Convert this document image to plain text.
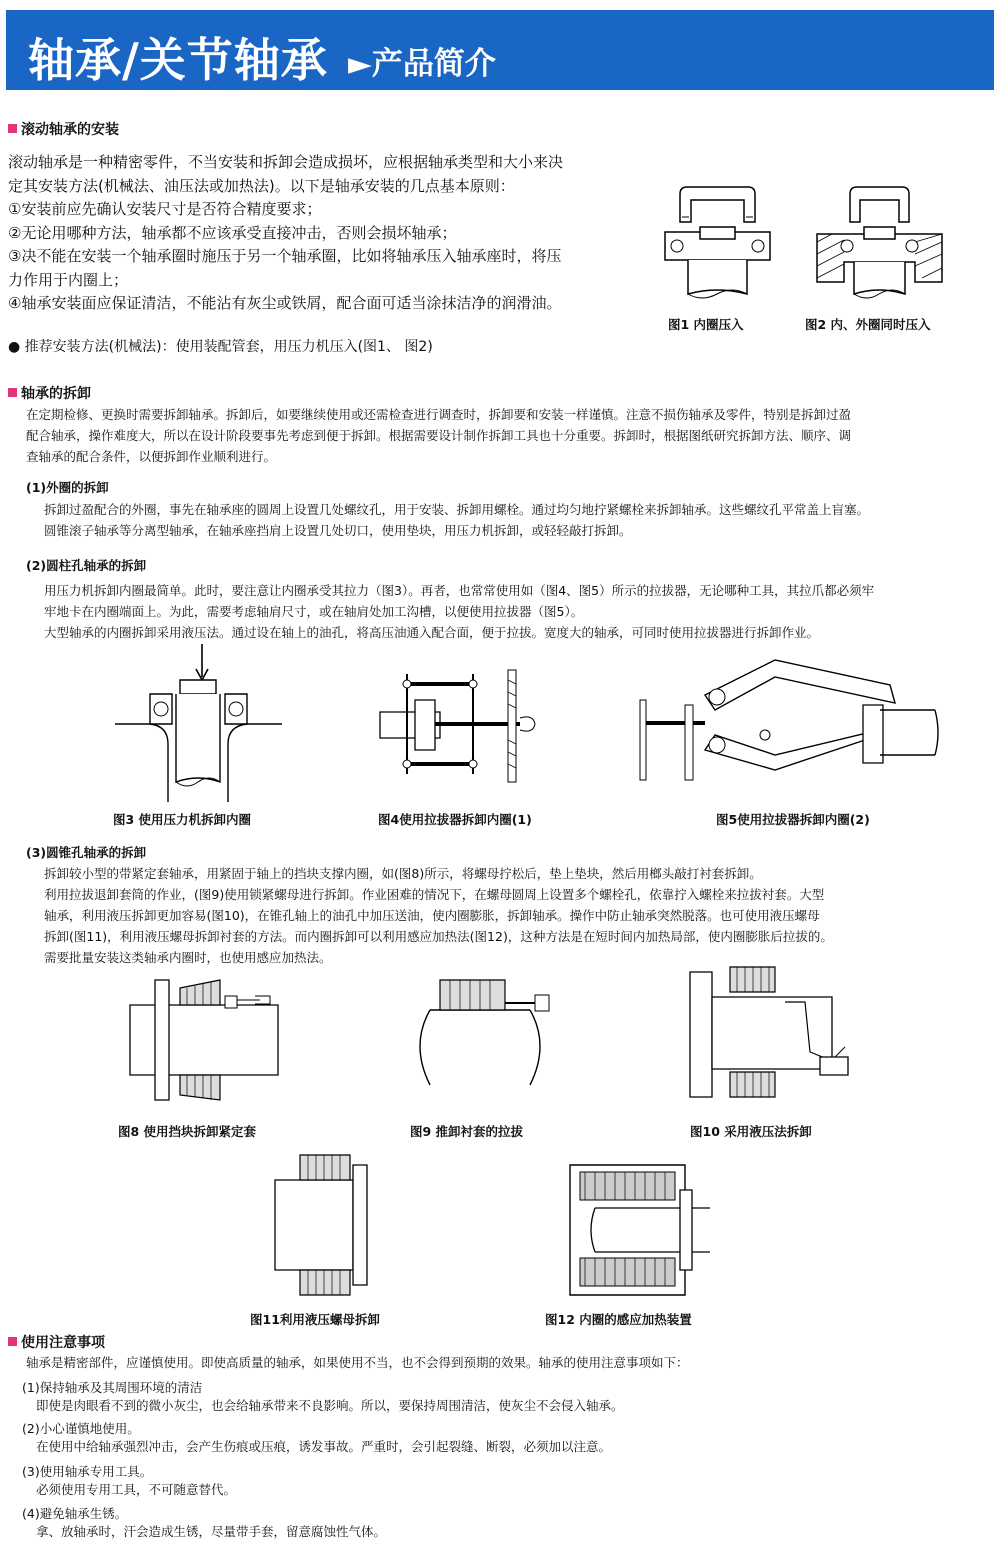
轴承/关节轴承 ►产品简介
滚动轴承的安装
滚动轴承是一种精密零件，不当安装和拆卸会造成损坏，应根据轴承类型和大小来决
定其安装方法(机械法、油压法或加热法)。以下是轴承安装的几点基本原则：
①安装前应先确认安装尺寸是否符合精度要求；
②无论用哪种方法，轴承都不应该承受直接冲击，否则会损坏轴承；
③决不能在安装一个轴承圈时施压于另一个轴承圈，比如将轴承压入轴承座时，将压
力作用于内圈上；
④轴承安装面应保证清洁，不能沾有灰尘或铁屑，配合面可适当涂抹洁净的润滑油。
● 推荐安装方法(机械法)：使用装配管套，用压力机压入(图1、 图2)
图1 内圈压入	图2 内、外圈同时压入
轴承的拆卸
在定期检修、更换时需要拆卸轴承。拆卸后，如要继续使用或还需检查进行调查时，拆卸要和安装一样谨慎。注意不损伤轴承及零件，特别是拆卸过盈
配合轴承，操作难度大，所以在设计阶段要事先考虑到便于拆卸。根据需要设计制作拆卸工具也十分重要。拆卸时，根据图纸研究拆卸方法、顺序、调
查轴承的配合条件，以便拆卸作业顺利进行。
(1)外圈的拆卸
拆卸过盈配合的外圈，事先在轴承座的圆周上设置几处螺纹孔，用于安装、拆卸用螺栓。通过均匀地拧紧螺栓来拆卸轴承。这些螺纹孔平常盖上盲塞。
圆锥滚子轴承等分离型轴承，在轴承座挡肩上设置几处切口，使用垫块，用压力机拆卸，或轻轻敲打拆卸。
(2)圆柱孔轴承的拆卸
用压力机拆卸内圈最简单。此时，要注意让内圈承受其拉力（图3）。再者，也常常使用如（图4、图5）所示的拉拔器，无论哪种工具，其拉爪都必须牢
牢地卡在内圈端面上。为此，需要考虑轴肩尺寸，或在轴肩处加工沟槽，以便使用拉拔器（图5）。
大型轴承的内圈拆卸采用液压法。通过设在轴上的油孔，将高压油通入配合面，便于拉拔。宽度大的轴承，可同时使用拉拔器进行拆卸作业。
图3 使用压力机拆卸内圈	图4使用拉拔器拆卸内圈(1)	图5使用拉拔器拆卸内圈(2)
(3)圆锥孔轴承的拆卸
拆卸较小型的带紧定套轴承，用紧固于轴上的挡块支撑内圈，如(图8)所示，将螺母拧松后，垫上垫块，然后用榔头敲打衬套拆卸。
利用拉拔退卸套筒的作业，(图9)使用锁紧螺母进行拆卸。作业困难的情况下，在螺母圆周上设置多个螺栓孔，依靠拧入螺栓来拉拔衬套。大型
轴承，利用液压拆卸更加容易(图10)，在锥孔轴上的油孔中加压送油，使内圈膨胀，拆卸轴承。操作中防止轴承突然脱落。也可使用液压螺母
拆卸(图11)，利用液压螺母拆卸衬套的方法。而内圈拆卸可以利用感应加热法(图12)，这种方法是在短时间内加热局部，使内圈膨胀后拉拔的。
需要批量安装这类轴承内圈时，也使用感应加热法。
图8 使用挡块拆卸紧定套	图9 推卸衬套的拉拔	图10 采用液压法拆卸
图11利用液压螺母拆卸	图12 内圈的感应加热装置
使用注意事项
轴承是精密部件，应谨慎使用。即使高质量的轴承，如果使用不当，也不会得到预期的效果。轴承的使用注意事项如下：
(1)保持轴承及其周围环境的清洁
即使是肉眼看不到的微小灰尘，也会给轴承带来不良影响。所以，要保持周围清洁，使灰尘不会侵入轴承。
(2)小心谨慎地使用。
在使用中给轴承强烈冲击，会产生伤痕或压痕，诱发事故。严重时，会引起裂缝、断裂，必须加以注意。
(3)使用轴承专用工具。
必须使用专用工具，不可随意替代。
(4)避免轴承生锈。
拿、放轴承时，汗会造成生锈，尽量带手套，留意腐蚀性气体。
